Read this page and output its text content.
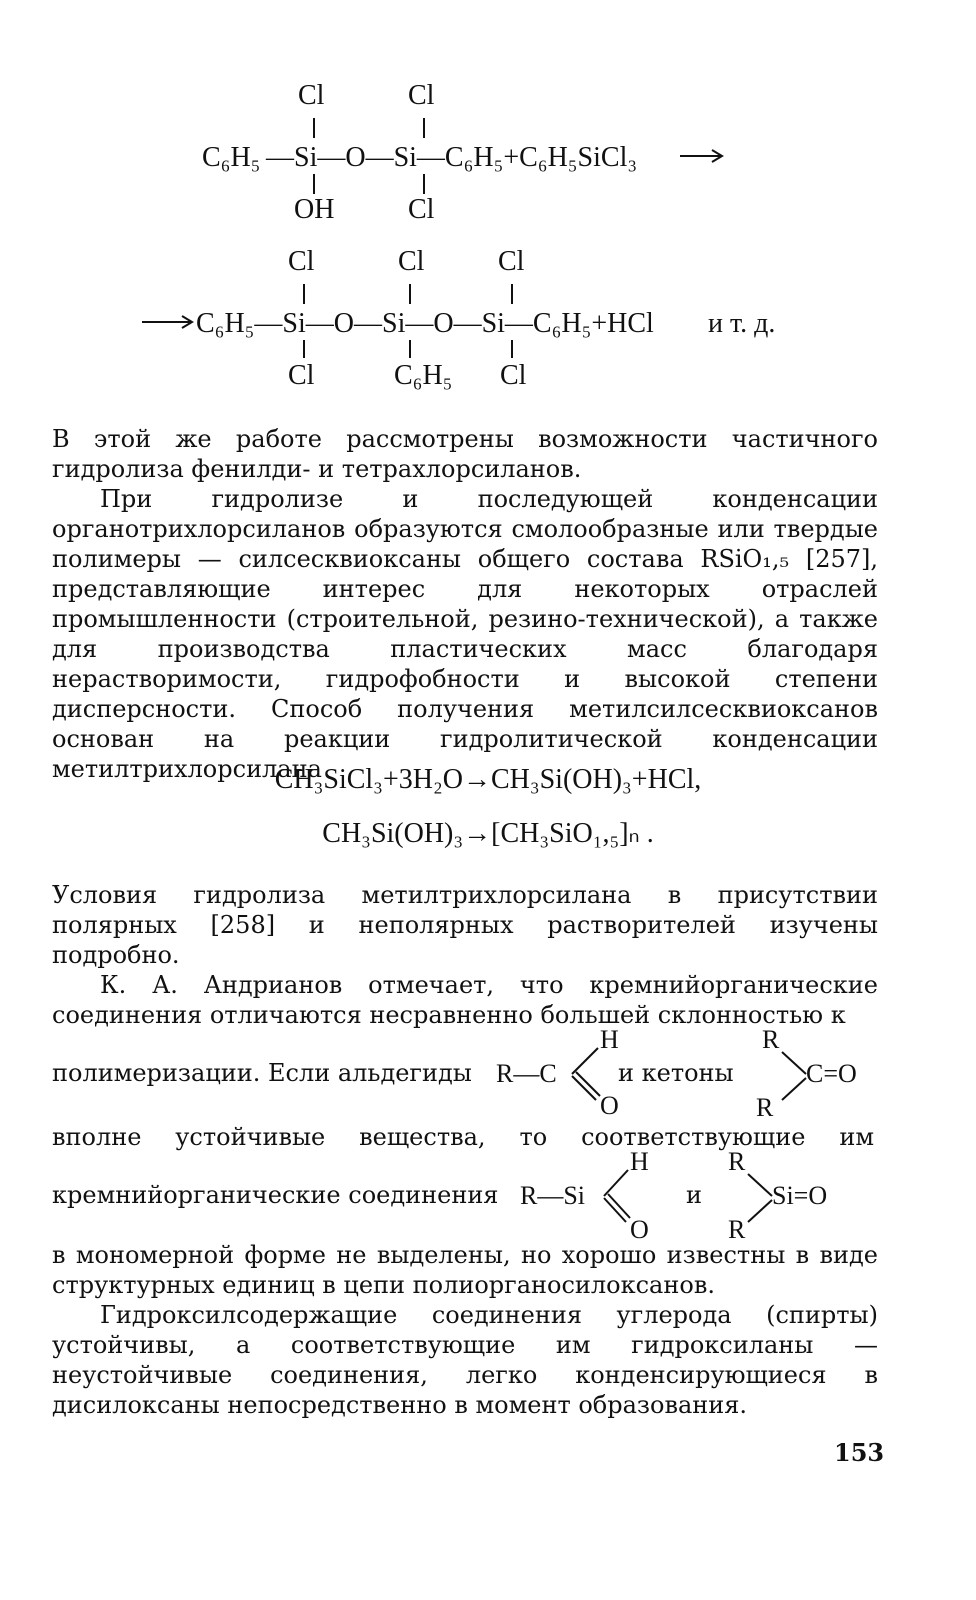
Cl	Cl
C₆H₅ —Si—O—Si—C₆H₅+C₆H₅SiCl₃
OH	Cl
Cl	Cl	Cl
C₆H₅—Si—O—Si—O—Si—C₆H₅+HCl и т. д.
Cl	C₆H₅ Cl

В этой же работе рассмотрены возможности частичного гидролиза фенилди- и тетрахлорсиланов.

При гидролизе и последующей конденсации органотрихлорсиланов образуются смолообразные или твердые полимеры — силсесквиоксаны общего состава RSiO₁,₅ [257], представляющие интерес для некоторых отраслей промышленности (строительной, резино-технической), а также для производства пластических масс благодаря нерастворимости, гидрофобности и высокой степени дисперсности. Способ получения метилсилсесквиоксанов основан на реакции гидролитической конденсации метилтрихлорсилана

CH₃SiCl₃+3H₂O→CH₃Si(OH)₃+HCl,
CH₃Si(OH)₃→[CH₃SiO₁,₅]ₙ .

Условия гидролиза метилтрихлорсилана в присутствии полярных [258] и неполярных растворителей изучены подробно.

К. А. Андрианов отмечает, что кремнийорганические соединения отличаются несравненно большей склонностью к

полимеризации. Если альдегиды	и кетоны
R—C
H
O
R
C=O
R
вполне устойчивые вещества, то соответствующие им
кремнийорганические соединения	и
R—Si
H
O
R
Si=O
R

в мономерной форме не выделены, но хорошо известны в виде структурных единиц в цепи полиорганосилоксанов.

Гидроксилсодержащие соединения углерода (спирты) устойчивы, а соответствующие им гидроксиланы — неустойчивые соединения, легко конденсирующиеся в дисилоксаны непосредственно в момент образования.

153
